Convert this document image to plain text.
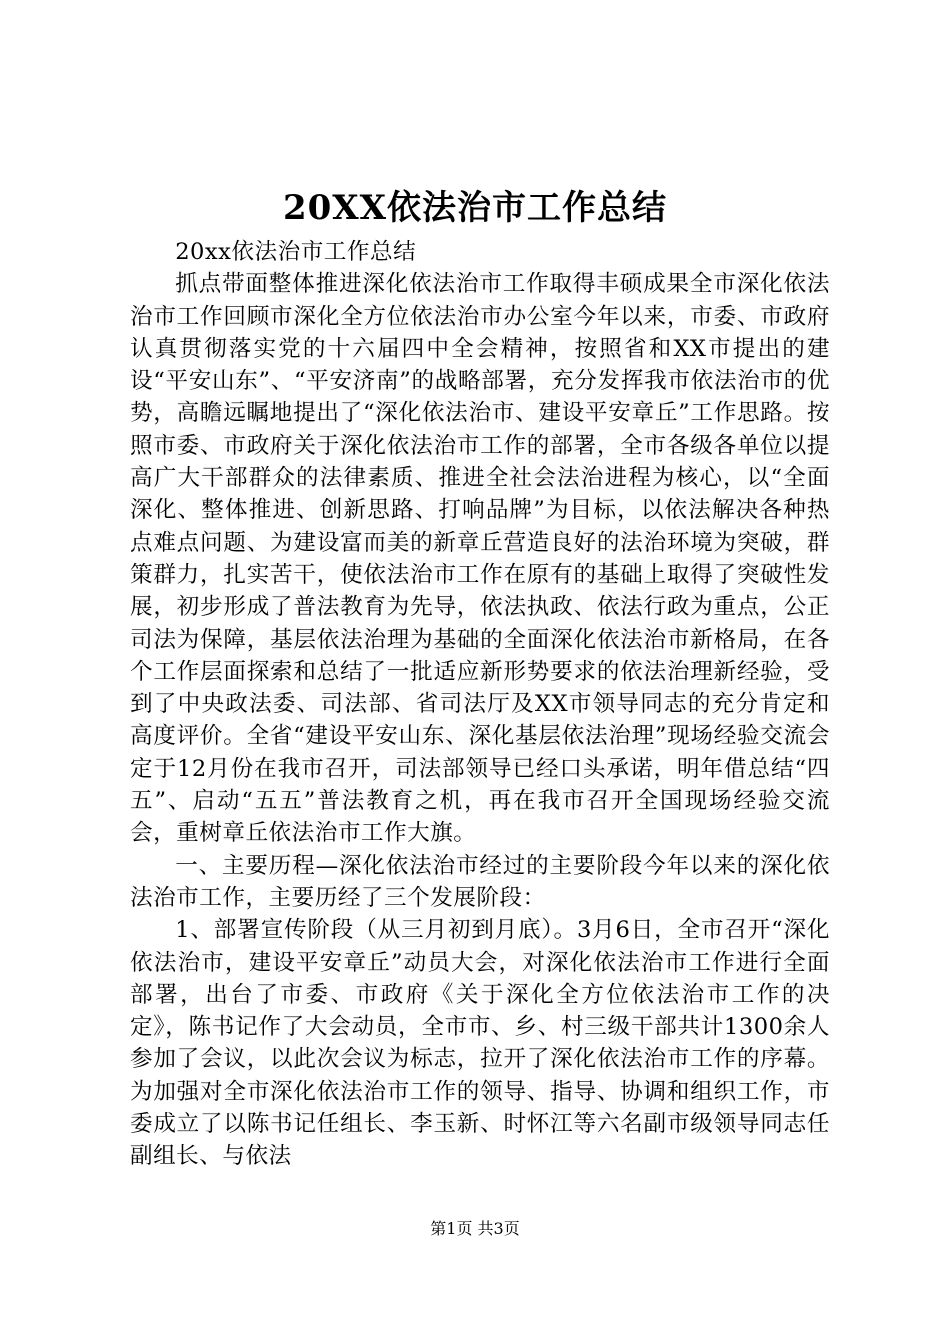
20XX依法治市工作总结

20xx依法治市工作总结

抓点带面整体推进深化依法治市工作取得丰硕成果全市深化依法治市工作回顾市深化全方位依法治市办公室今年以来，市委、市政府认真贯彻落实党的十六届四中全会精神，按照省和XX市提出的建设“平安山东”、“平安济南”的战略部署，充分发挥我市依法治市的优势，高瞻远瞩地提出了“深化依法治市、建设平安章丘”工作思路。按照市委、市政府关于深化依法治市工作的部署，全市各级各单位以提高广大干部群众的法律素质、推进全社会法治进程为核心，以“全面深化、整体推进、创新思路、打响品牌”为目标，以依法解决各种热点难点问题、为建设富而美的新章丘营造良好的法治环境为突破，群策群力，扎实苦干，使依法治市工作在原有的基础上取得了突破性发展，初步形成了普法教育为先导，依法执政、依法行政为重点，公正司法为保障，基层依法治理为基础的全面深化依法治市新格局，在各个工作层面探索和总结了一批适应新形势要求的依法治理新经验，受到了中央政法委、司法部、省司法厅及XX市领导同志的充分肯定和高度评价。全省“建设平安山东、深化基层依法治理”现场经验交流会定于12月份在我市召开，司法部领导已经口头承诺，明年借总结“四五”、启动“五五”普法教育之机，再在我市召开全国现场经验交流会，重树章丘依法治市工作大旗。

一、主要历程—深化依法治市经过的主要阶段今年以来的深化依法治市工作，主要历经了三个发展阶段：

1、部署宣传阶段（从三月初到月底）。3月6日，全市召开“深化依法治市，建设平安章丘”动员大会，对深化依法治市工作进行全面部署，出台了市委、市政府《关于深化全方位依法治市工作的决定》，陈书记作了大会动员，全市市、乡、村三级干部共计1300余人参加了会议，以此次会议为标志，拉开了深化依法治市工作的序幕。为加强对全市深化依法治市工作的领导、指导、协调和组织工作，市委成立了以陈书记任组长、李玉新、时怀江等六名副市级领导同志任副组长、与依法

第1页 共3页
